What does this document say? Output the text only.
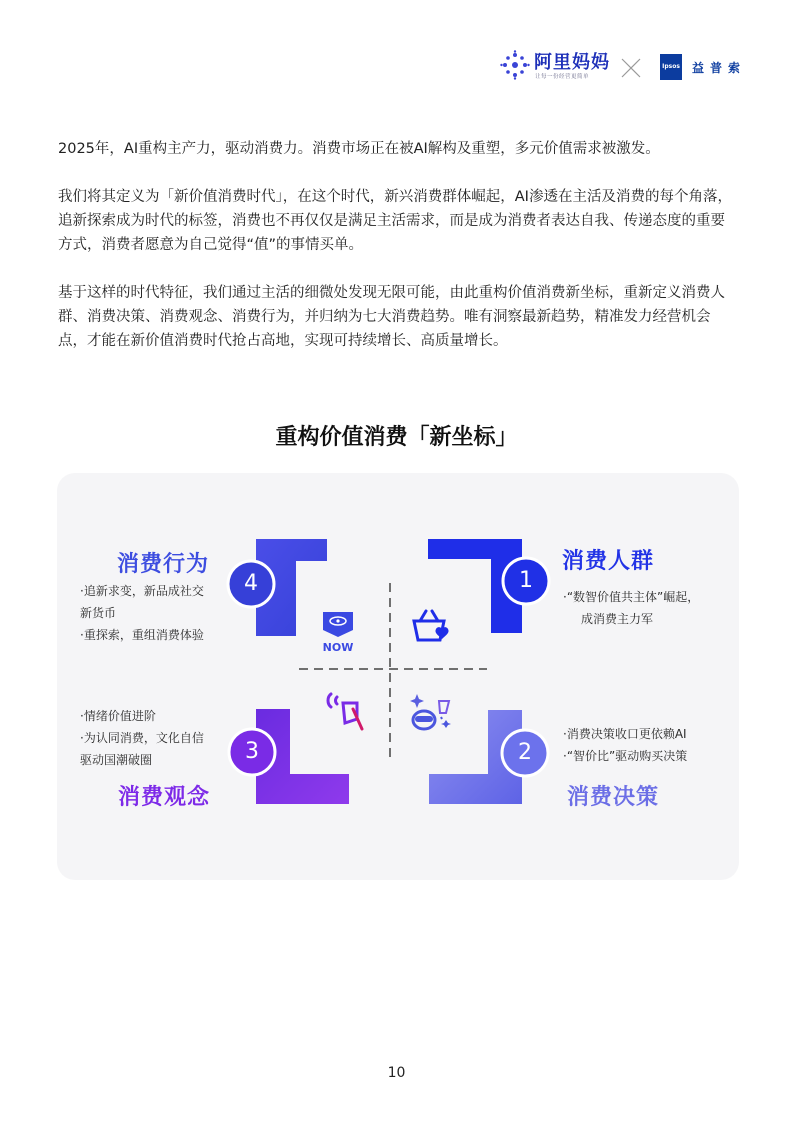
阿里妈妈
让每一份经营更简单
Ipsos 益普索
2025年，AI重构主产力，驱动消费力。消费市场正在被AI解构及重塑，多元价值需求被激发。
我们将其定义为「新价值消费时代」，在这个时代，新兴消费群体崛起，AI渗透在主活及消费的每个角落，追新探索成为时代的标签，消费也不再仅仅是满足主活需求，而是成为消费者表达自我、传递态度的重要方式，消费者愿意为自己觉得“值”的事情买单。
基于这样的时代特征，我们通过主活的细微处发现无限可能，由此重构价值消费新坐标，重新定义消费人群、消费决策、消费观念、消费行为，并归纳为七大消费趋势。唯有洞察最新趋势，精准发力经营机会点，才能在新价值消费时代抢占高地，实现可持续增长、高质量增长。
重构价值消费「新坐标」
NOW
4	1
3	2
消费行为	消费人群
消费观念	消费决策
·追新求变，新品成社交
新货币
·重探索，重组消费体验
·“数智价值共主体”崛起，
成消费主力军
·情绪价值进阶
·为认同消费，文化自信
驱动国潮破圈
·消费决策收口更依赖AI
·“智价比”驱动购买决策
10
